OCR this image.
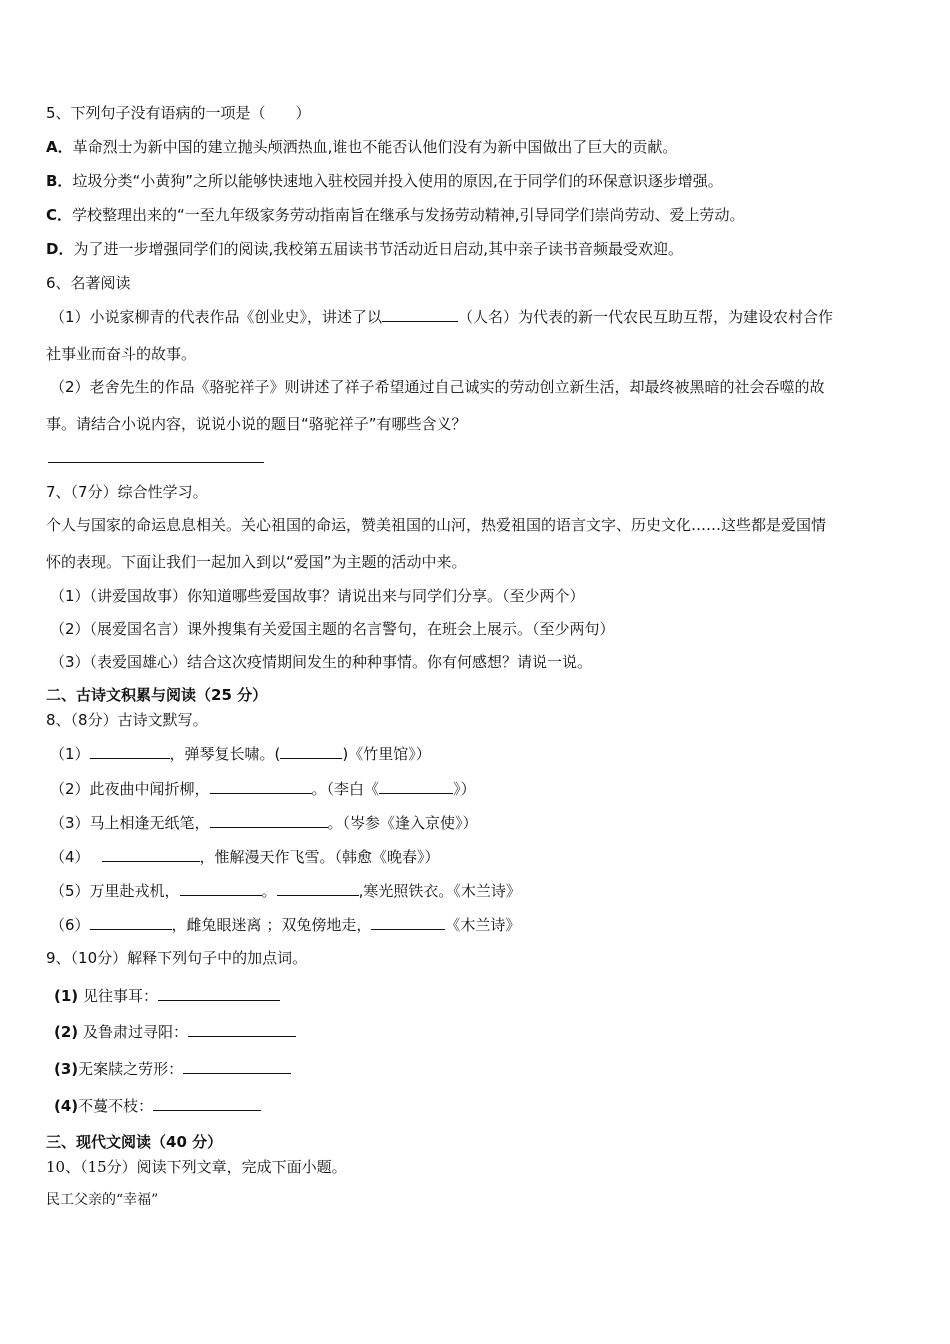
5、下列句子没有语病的一项是（　　）
A．革命烈士为新中国的建立抛头颅洒热血,谁也不能否认他们没有为新中国做出了巨大的贡献。
B．垃圾分类“小黄狗”之所以能够快速地入驻校园并投入使用的原因,在于同学们的环保意识逐步增强。
C．学校整理出来的“一至九年级家务劳动指南旨在继承与发扬劳动精神,引导同学们崇尚劳动、爱上劳动。
D．为了进一步增强同学们的阅读,我校第五届读书节活动近日启动,其中亲子读书音频最受欢迎。
6、名著阅读
（1）小说家柳青的代表作品《创业史》，讲述了以	（人名）为代表的新一代农民互助互帮，为建设农村合作
社事业而奋斗的故事。
（2）老舍先生的作品《骆驼祥子》则讲述了祥子希望通过自己诚实的劳动创立新生活，却最终被黑暗的社会吞噬的故
事。请结合小说内容，说说小说的题目“骆驼祥子”有哪些含义？
7、（7分）综合性学习。
个人与国家的命运息息相关。关心祖国的命运，赞美祖国的山河，热爱祖国的语言文字、历史文化……这些都是爱国情
怀的表现。下面让我们一起加入到以“爱国”为主题的活动中来。
（1）（讲爱国故事）你知道哪些爱国故事？请说出来与同学们分享。（至少两个）
（2）（展爱国名言）课外搜集有关爱国主题的名言警句，在班会上展示。（至少两句）
（3）（表爱国雄心）结合这次疫情期间发生的种种事情。你有何感想？请说一说。
二、古诗文积累与阅读（25 分）
8、（8分）古诗文默写。
（1）	，弹琴复长啸。(	)《竹里馆》）
（2）此夜曲中闻折柳，	。（李白《	》）
（3）马上相逢无纸笔，	。（岑参《逢入京使》）
（4）	，惟解漫天作飞雪。（韩愈《晚春》）
（5）万里赴戎机，	。	,寒光照铁衣。《木兰诗》
（6）	，雌兔眼迷离 ；双兔傍地走，	《木兰诗》
9、（10分）解释下列句子中的加点词。
(1) 见往事耳：
(2) 及鲁肃过寻阳：
(3)无案牍之劳形：
(4)不蔓不枝：
三、现代文阅读（40 分）
10、（15分）阅读下列文章，完成下面小题。
民工父亲的“幸福”
